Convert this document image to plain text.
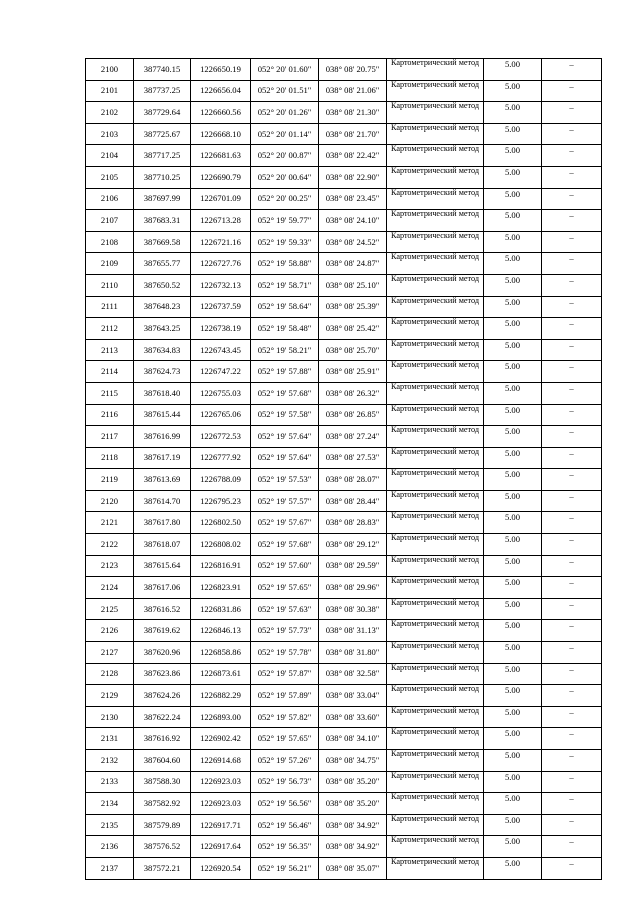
2100	387740.15	1226650.19	052° 20' 01.60"	038° 08' 20.75"	Картометрический метод	5.00	–
2101	387737.25	1226656.04	052° 20' 01.51"	038° 08' 21.06"	Картометрический метод	5.00	–
2102	387729.64	1226660.56	052° 20' 01.26"	038° 08' 21.30"	Картометрический метод	5.00	–
2103	387725.67	1226668.10	052° 20' 01.14"	038° 08' 21.70"	Картометрический метод	5.00	–
2104	387717.25	1226681.63	052° 20' 00.87"	038° 08' 22.42"	Картометрический метод	5.00	–
2105	387710.25	1226690.79	052° 20' 00.64"	038° 08' 22.90"	Картометрический метод	5.00	–
2106	387697.99	1226701.09	052° 20' 00.25"	038° 08' 23.45"	Картометрический метод	5.00	–
2107	387683.31	1226713.28	052° 19' 59.77"	038° 08' 24.10"	Картометрический метод	5.00	–
2108	387669.58	1226721.16	052° 19' 59.33"	038° 08' 24.52"	Картометрический метод	5.00	–
2109	387655.77	1226727.76	052° 19' 58.88"	038° 08' 24.87"	Картометрический метод	5.00	–
2110	387650.52	1226732.13	052° 19' 58.71"	038° 08' 25.10"	Картометрический метод	5.00	–
2111	387648.23	1226737.59	052° 19' 58.64"	038° 08' 25.39"	Картометрический метод	5.00	–
2112	387643.25	1226738.19	052° 19' 58.48"	038° 08' 25.42"	Картометрический метод	5.00	–
2113	387634.83	1226743.45	052° 19' 58.21"	038° 08' 25.70"	Картометрический метод	5.00	–
2114	387624.73	1226747.22	052° 19' 57.88"	038° 08' 25.91"	Картометрический метод	5.00	–
2115	387618.40	1226755.03	052° 19' 57.68"	038° 08' 26.32"	Картометрический метод	5.00	–
2116	387615.44	1226765.06	052° 19' 57.58"	038° 08' 26.85"	Картометрический метод	5.00	–
2117	387616.99	1226772.53	052° 19' 57.64"	038° 08' 27.24"	Картометрический метод	5.00	–
2118	387617.19	1226777.92	052° 19' 57.64"	038° 08' 27.53"	Картометрический метод	5.00	–
2119	387613.69	1226788.09	052° 19' 57.53"	038° 08' 28.07"	Картометрический метод	5.00	–
2120	387614.70	1226795.23	052° 19' 57.57"	038° 08' 28.44"	Картометрический метод	5.00	–
2121	387617.80	1226802.50	052° 19' 57.67"	038° 08' 28.83"	Картометрический метод	5.00	–
2122	387618.07	1226808.02	052° 19' 57.68"	038° 08' 29.12"	Картометрический метод	5.00	–
2123	387615.64	1226816.91	052° 19' 57.60"	038° 08' 29.59"	Картометрический метод	5.00	–
2124	387617.06	1226823.91	052° 19' 57.65"	038° 08' 29.96"	Картометрический метод	5.00	–
2125	387616.52	1226831.86	052° 19' 57.63"	038° 08' 30.38"	Картометрический метод	5.00	–
2126	387619.62	1226846.13	052° 19' 57.73"	038° 08' 31.13"	Картометрический метод	5.00	–
2127	387620.96	1226858.86	052° 19' 57.78"	038° 08' 31.80"	Картометрический метод	5.00	–
2128	387623.86	1226873.61	052° 19' 57.87"	038° 08' 32.58"	Картометрический метод	5.00	–
2129	387624.26	1226882.29	052° 19' 57.89"	038° 08' 33.04"	Картометрический метод	5.00	–
2130	387622.24	1226893.00	052° 19' 57.82"	038° 08' 33.60"	Картометрический метод	5.00	–
2131	387616.92	1226902.42	052° 19' 57.65"	038° 08' 34.10"	Картометрический метод	5.00	–
2132	387604.60	1226914.68	052° 19' 57.26"	038° 08' 34.75"	Картометрический метод	5.00	–
2133	387588.30	1226923.03	052° 19' 56.73"	038° 08' 35.20"	Картометрический метод	5.00	–
2134	387582.92	1226923.03	052° 19' 56.56"	038° 08' 35.20"	Картометрический метод	5.00	–
2135	387579.89	1226917.71	052° 19' 56.46"	038° 08' 34.92"	Картометрический метод	5.00	–
2136	387576.52	1226917.64	052° 19' 56.35"	038° 08' 34.92"	Картометрический метод	5.00	–
2137	387572.21	1226920.54	052° 19' 56.21"	038° 08' 35.07"	Картометрический метод	5.00	–
